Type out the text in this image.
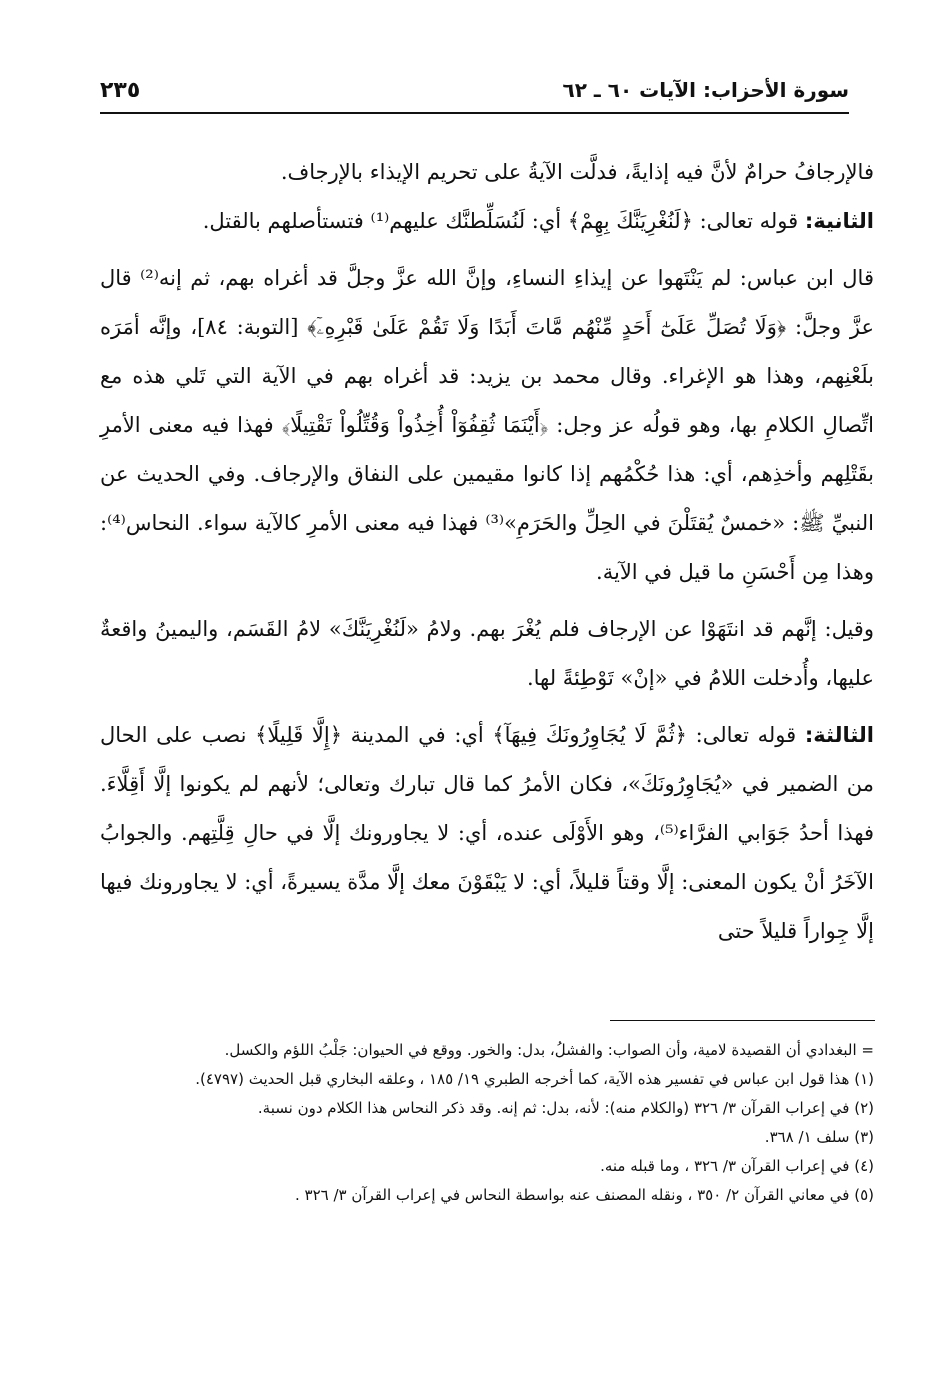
سورة الأحزاب: الآيات ٦٠ ـ ٦٢
٢٣٥

فالإرجافُ حرامٌ لأنَّ فيه إذايةً، فدلَّت الآيةُ على تحريم الإيذاء بالإرجاف.

الثانية: قوله تعالى: ﴿لَنُغْرِيَنَّكَ بِهِمْ﴾ أي: لَنُسَلِّطنَّك عليهم⁽¹⁾ فتستأصلهم بالقتل.

قال ابن عباس: لم يَنْتَهوا عن إيذاءِ النساءِ، وإنَّ الله عزَّ وجلَّ قد أغراه بهم، ثم إنه⁽²⁾ قال عزَّ وجلَّ: ﴿وَلَا تُصَلِّ عَلَىٰٓ أَحَدٍ مِّنْهُم مَّاتَ أَبَدًا وَلَا تَقُمْ عَلَىٰ قَبْرِهِۦٓ﴾ [التوبة: ٨٤]، وإنَّه أمَرَه بلَعْنِهم، وهذا هو الإغراء. وقال محمد بن يزيد: قد أغراه بهم في الآية التي تَلي هذه مع اتِّصالِ الكلامِ بها، وهو قولُه عز وجل: ﴿أَيْنَمَا ثُقِفُوٓاْ أُخِذُواْ وَقُتِّلُواْ تَقْتِيلًا﴾ فهذا فيه معنى الأمرِ بقَتْلِهم وأخذِهم، أي: هذا حُكْمُهم إذا كانوا مقيمين على النفاق والإرجاف. وفي الحديث عن النبيِّ ﷺ: «خمسٌ يُقتَلْنَ في الحِلِّ والحَرَمِ»⁽³⁾ فهذا فيه معنى الأمرِ كالآية سواء. النحاس⁽⁴⁾: وهذا مِن أَحْسَنِ ما قيل في الآية.

وقيل: إنَّهم قد انتَهَوْا عن الإرجاف فلم يُغْرَ بهم. ولامُ «لَنُغْرِيَنَّكَ» لامُ القَسَم، واليمينُ واقعةٌ عليها، وأُدخلت اللامُ في «إنْ» تَوْطِئةً لها.

الثالثة: قوله تعالى: ﴿ثُمَّ لَا يُجَاوِرُونَكَ فِيهَآ﴾ أي: في المدينة ﴿إِلَّا قَلِيلًا﴾ نصب على الحال من الضمير في «يُجَاوِرُونَكَ»، فكان الأمرُ كما قال تبارك وتعالى؛ لأنهم لم يكونوا إلَّا أَقِلَّاءَ. فهذا أحدُ جَوَابي الفرَّاء⁽⁵⁾، وهو الأَوْلَى عنده، أي: لا يجاورونك إلَّا في حالِ قِلَّتِهم. والجوابُ الآخَرُ أنْ يكون المعنى: إلَّا وقتاً قليلاً، أي: لا يَبْقَوْنَ معك إلَّا مدَّة يسيرةً، أي: لا يجاورونك فيها إلَّا جِواراً قليلاً حتى

= البغدادي أن القصيدة لامية، وأن الصواب: والفشلُ، بدل: والخور. ووقع في الحيوان: جَلْبُ اللؤم والكسل.

(١) هذا قول ابن عباس في تفسير هذه الآية، كما أخرجه الطبري ١٩/ ١٨٥ ، وعلقه البخاري قبل الحديث (٤٧٩٧).

(٢) في إعراب القرآن ٣/ ٣٢٦ (والكلام منه): لأنه، بدل: ثم إنه. وقد ذكر النحاس هذا الكلام دون نسبة.

(٣) سلف ١/ ٣٦٨.

(٤) في إعراب القرآن ٣/ ٣٢٦ ، وما قبله منه.

(٥) في معاني القرآن ٢/ ٣٥٠ ، ونقله المصنف عنه بواسطة النحاس في إعراب القرآن ٣/ ٣٢٦ .
